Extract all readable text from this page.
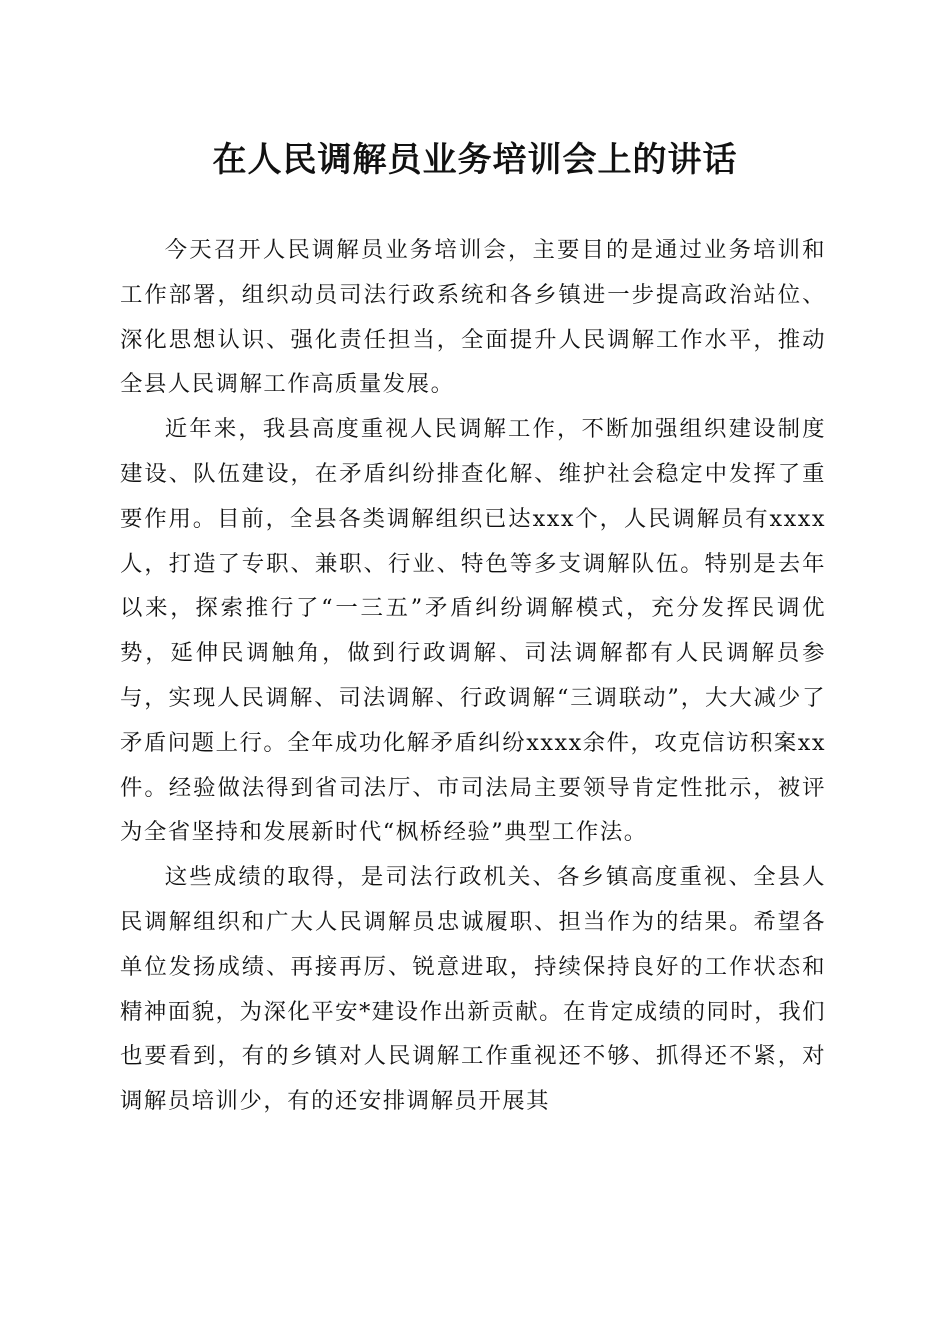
在人民调解员业务培训会上的讲话

今天召开人民调解员业务培训会，主要目的是通过业务培训和工作部署，组织动员司法行政系统和各乡镇进一步提高政治站位、深化思想认识、强化责任担当，全面提升人民调解工作水平，推动全县人民调解工作高质量发展。

近年来，我县高度重视人民调解工作，不断加强组织建设制度建设、队伍建设，在矛盾纠纷排查化解、维护社会稳定中发挥了重要作用。目前，全县各类调解组织已达xxx个，人民调解员有xxxx人，打造了专职、兼职、行业、特色等多支调解队伍。特别是去年以来，探索推行了“一三五”矛盾纠纷调解模式，充分发挥民调优势，延伸民调触角，做到行政调解、司法调解都有人民调解员参与，实现人民调解、司法调解、行政调解“三调联动”，大大减少了矛盾问题上行。全年成功化解矛盾纠纷xxxx余件，攻克信访积案xx件。经验做法得到省司法厅、市司法局主要领导肯定性批示，被评为全省坚持和发展新时代“枫桥经验”典型工作法。

这些成绩的取得，是司法行政机关、各乡镇高度重视、全县人民调解组织和广大人民调解员忠诚履职、担当作为的结果。希望各单位发扬成绩、再接再厉、锐意进取，持续保持良好的工作状态和精神面貌，为深化平安*建设作出新贡献。在肯定成绩的同时，我们也要看到，有的乡镇对人民调解工作重视还不够、抓得还不紧，对调解员培训少，有的还安排调解员开展其
